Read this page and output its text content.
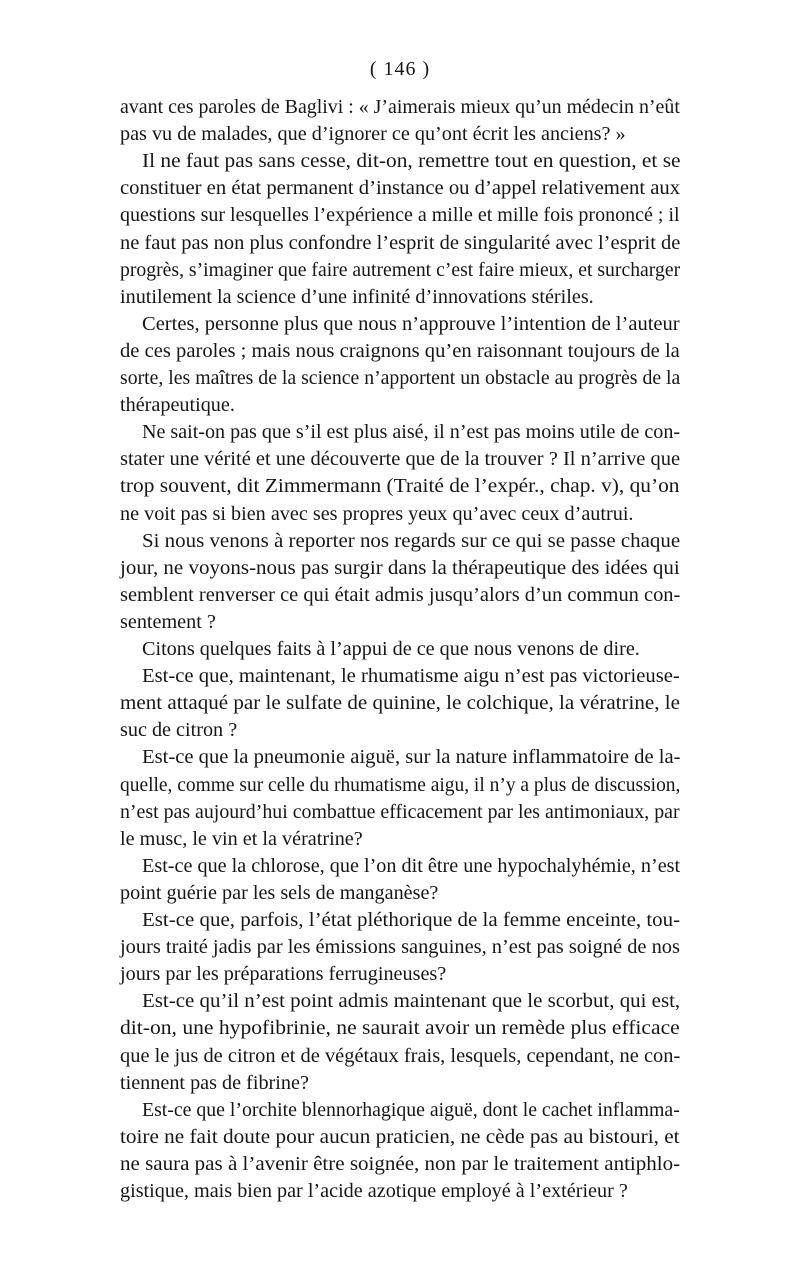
( 146 )
avant ces paroles de Baglivi : « J’aimerais mieux qu’un médecin n’eût
pas vu de malades, que d’ignorer ce qu’ont écrit les anciens? »
Il ne faut pas sans cesse, dit-on, remettre tout en question, et se
constituer en état permanent d’instance ou d’appel relativement aux
questions sur lesquelles l’expérience a mille et mille fois prononcé ; il
ne faut pas non plus confondre l’esprit de singularité avec l’esprit de
progrès, s’imaginer que faire autrement c’est faire mieux, et surcharger
inutilement la science d’une infinité d’innovations stériles.
Certes, personne plus que nous n’approuve l’intention de l’auteur
de ces paroles ; mais nous craignons qu’en raisonnant toujours de la
sorte, les maîtres de la science n’apportent un obstacle au progrès de la
thérapeutique.
Ne sait-on pas que s’il est plus aisé, il n’est pas moins utile de con-
stater une vérité et une découverte que de la trouver ? Il n’arrive que
trop souvent, dit Zimmermann (Traité de l’expér., chap. v), qu’on
ne voit pas si bien avec ses propres yeux qu’avec ceux d’autrui.
Si nous venons à reporter nos regards sur ce qui se passe chaque
jour, ne voyons-nous pas surgir dans la thérapeutique des idées qui
semblent renverser ce qui était admis jusqu’alors d’un commun con-
sentement ?
Citons quelques faits à l’appui de ce que nous venons de dire.
Est-ce que, maintenant, le rhumatisme aigu n’est pas victorieuse-
ment attaqué par le sulfate de quinine, le colchique, la vératrine, le
suc de citron ?
Est-ce que la pneumonie aiguë, sur la nature inflammatoire de la-
quelle, comme sur celle du rhumatisme aigu, il n’y a plus de discussion,
n’est pas aujourd’hui combattue efficacement par les antimoniaux, par
le musc, le vin et la vératrine?
Est-ce que la chlorose, que l’on dit être une hypochalyhémie, n’est
point guérie par les sels de manganèse?
Est-ce que, parfois, l’état pléthorique de la femme enceinte, tou-
jours traité jadis par les émissions sanguines, n’est pas soigné de nos
jours par les préparations ferrugineuses?
Est-ce qu’il n’est point admis maintenant que le scorbut, qui est,
dit-on, une hypofibrinie, ne saurait avoir un remède plus efficace
que le jus de citron et de végétaux frais, lesquels, cependant, ne con-
tiennent pas de fibrine?
Est-ce que l’orchite blennorhagique aiguë, dont le cachet inflamma-
toire ne fait doute pour aucun praticien, ne cède pas au bistouri, et
ne saura pas à l’avenir être soignée, non par le traitement antiphlo-
gistique, mais bien par l’acide azotique employé à l’extérieur ?
